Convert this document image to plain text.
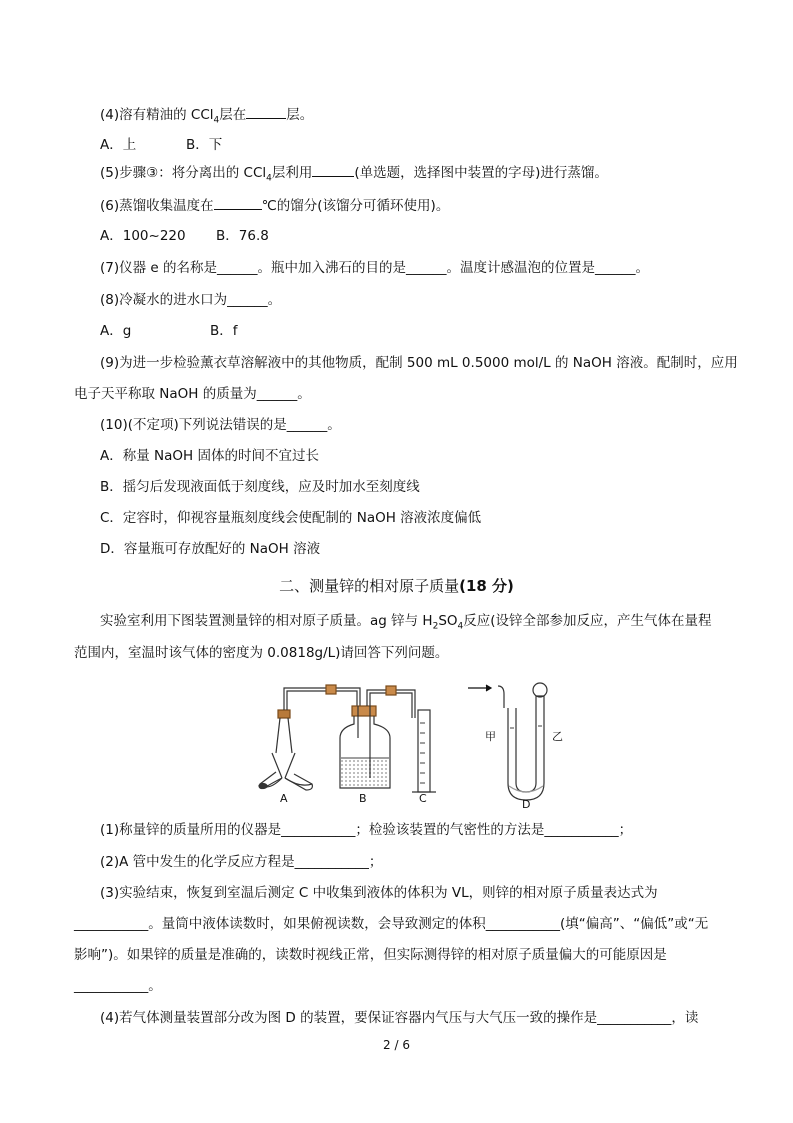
(4)溶有精油的 CCl$_4$层在	层。
A．上	B．下
(5)步骤③：将分离出的 CCl$_4$层利用	(单选题，选择图中装置的字母)进行蒸馏。
(6)蒸馏收集温度在	℃的馏分(该馏分可循环使用)。
A．100~220 B．76.8
(7)仪器 e 的名称是______。瓶中加入沸石的目的是______。温度计感温泡的位置是______。
(8)冷凝水的进水口为______。
A．g	B．f
(9)为进一步检验薰衣草溶解液中的其他物质，配制 500 mL 0.5000 mol/L 的 NaOH 溶液。配制时，应用
电子天平称取 NaOH 的质量为______。
(10)(不定项)下列说法错误的是______。
A．称量 NaOH 固体的时间不宜过长
B．摇匀后发现液面低于刻度线，应及时加水至刻度线
C．定容时，仰视容量瓶刻度线会使配制的 NaOH 溶液浓度偏低
D．容量瓶可存放配好的 NaOH 溶液
二、测量锌的相对原子质量(18 分)
实验室利用下图装置测量锌的相对原子质量。ag 锌与 $H_2SO_4$反应(设锌全部参加反应，产生气体在量程
范围内，室温时该气体的密度为 0.0818g/L)请回答下列问题。
A	B	C	D
甲	乙
(1)称量锌的质量所用的仪器是___________；检验该装置的气密性的方法是___________；
(2)A 管中发生的化学反应方程是___________；
(3)实验结束，恢复到室温后测定 C 中收集到液体的体积为 VL，则锌的相对原子质量表达式为
___________。量筒中液体读数时，如果俯视读数，会导致测定的体积___________(填“偏高”、“偏低”或“无
影响”)。如果锌的质量是准确的，读数时视线正常，但实际测得锌的相对原子质量偏大的可能原因是
___________。
(4)若气体测量装置部分改为图 D 的装置，要保证容器内气压与大气压一致的操作是___________，读
2 / 6
